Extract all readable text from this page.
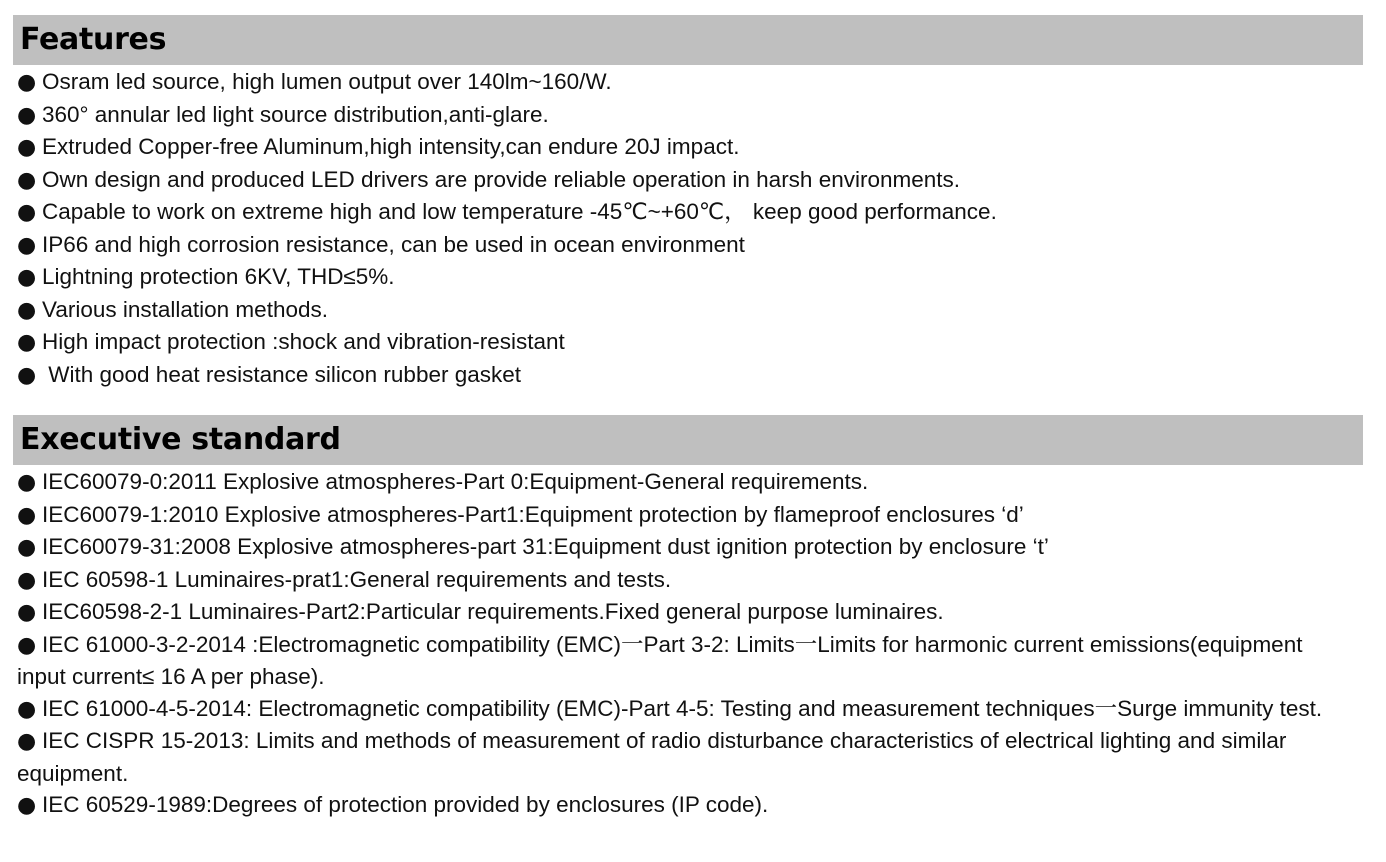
Features
● Osram led source, high lumen output over 140lm~160/W.
● 360° annular led light source distribution,anti-glare.
● Extruded Copper-free Aluminum,high intensity,can endure 20J impact.
● Own design and produced LED drivers are provide reliable operation in harsh environments.
● Capable to work on extreme high and low temperature -45℃~+60℃， keep good performance.
● IP66 and high corrosion resistance, can be used in ocean environment
● Lightning protection 6KV, THD≤5%.
● Various installation methods.
● High impact protection :shock and vibration-resistant
● With good heat resistance silicon rubber gasket
Executive standard
● IEC60079-0:2011 Explosive atmospheres-Part 0:Equipment-General requirements.
● IEC60079-1:2010 Explosive atmospheres-Part1:Equipment protection by flameproof enclosures ‘d’
● IEC60079-31:2008 Explosive atmospheres-part 31:Equipment dust ignition protection by enclosure ‘t’
● IEC 60598-1 Luminaires-prat1:General requirements and tests.
● IEC60598-2-1 Luminaires-Part2:Particular requirements.Fixed general purpose luminaires.
● IEC 61000-3-2-2014 :Electromagnetic compatibility (EMC)一Part 3-2: Limits一Limits for harmonic current emissions(equipment input current≤ 16 A per phase).
● IEC 61000-4-5-2014: Electromagnetic compatibility (EMC)-Part 4-5: Testing and measurement techniques一Surge immunity test.
● IEC CISPR 15-2013: Limits and methods of measurement of radio disturbance characteristics of electrical lighting and similar equipment.
● IEC 60529-1989:Degrees of protection provided by enclosures (IP code).
